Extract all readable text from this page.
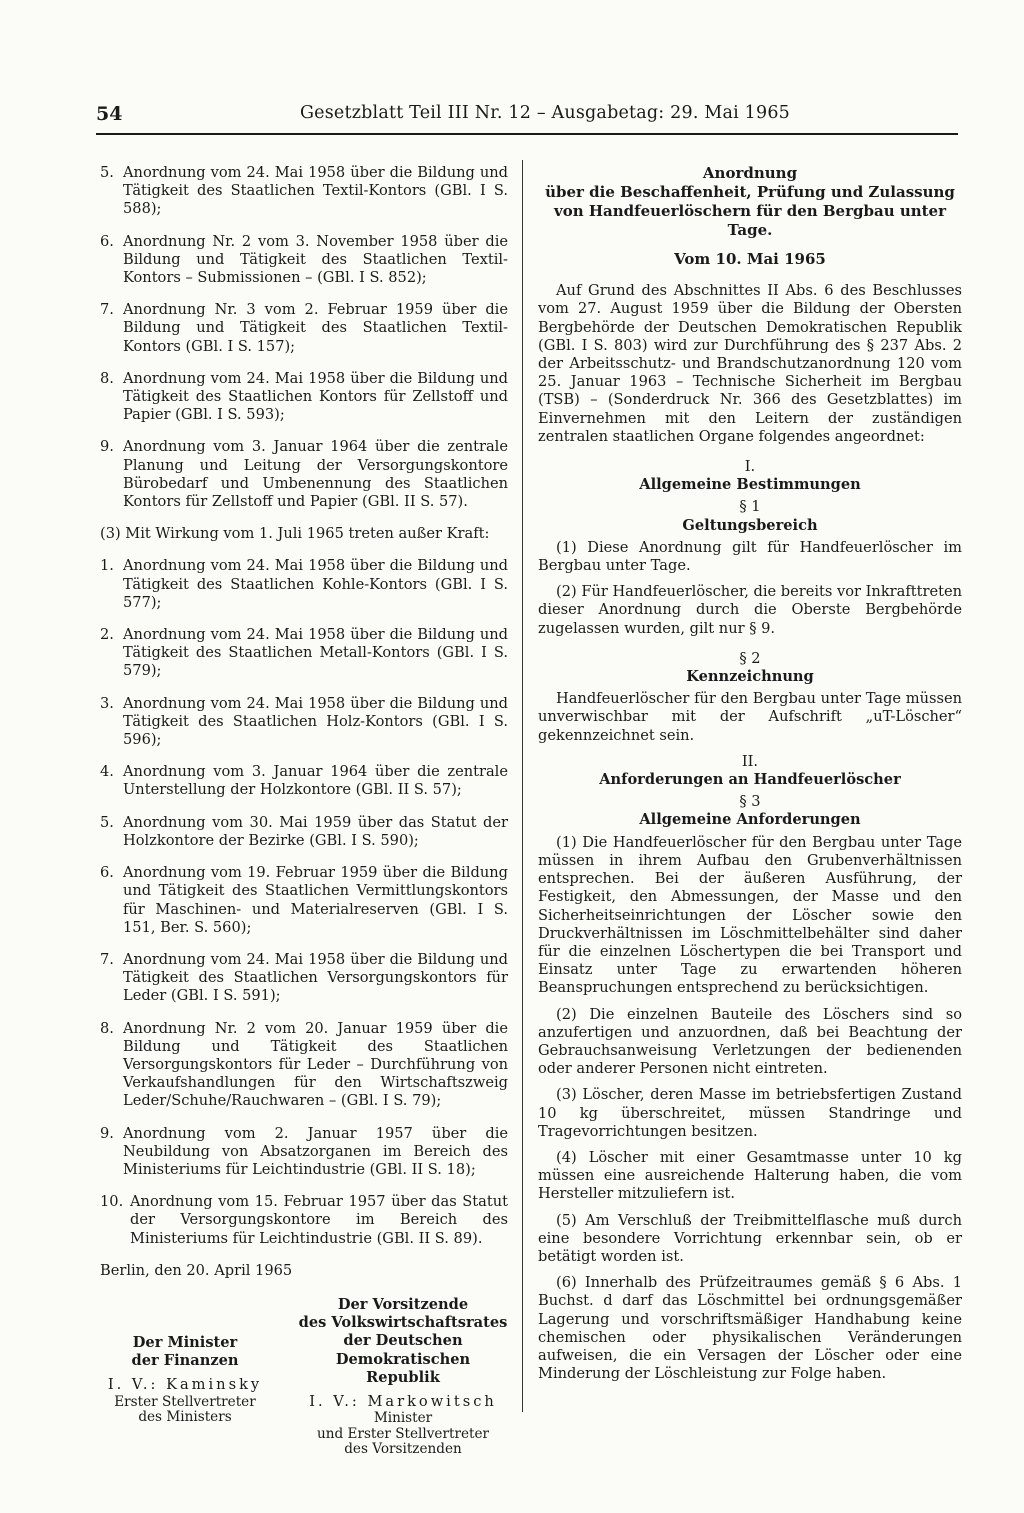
54	Gesetzblatt Teil III Nr. 12 – Ausgabetag: 29. Mai 1965
5. Anordnung vom 24. Mai 1958 über die Bildung und Tätigkeit des Staatlichen Textil-Kontors (GBl. I S. 588);
6. Anordnung Nr. 2 vom 3. November 1958 über die Bildung und Tätigkeit des Staatlichen Textil-Kontors – Submissionen – (GBl. I S. 852);
7. Anordnung Nr. 3 vom 2. Februar 1959 über die Bildung und Tätigkeit des Staatlichen Textil-Kontors (GBl. I S. 157);
8. Anordnung vom 24. Mai 1958 über die Bildung und Tätigkeit des Staatlichen Kontors für Zellstoff und Papier (GBl. I S. 593);
9. Anordnung vom 3. Januar 1964 über die zentrale Planung und Leitung der Versorgungskontore Bürobedarf und Umbenennung des Staatlichen Kontors für Zellstoff und Papier (GBl. II S. 57).
(3) Mit Wirkung vom 1. Juli 1965 treten außer Kraft:
1. Anordnung vom 24. Mai 1958 über die Bildung und Tätigkeit des Staatlichen Kohle-Kontors (GBl. I S. 577);
2. Anordnung vom 24. Mai 1958 über die Bildung und Tätigkeit des Staatlichen Metall-Kontors (GBl. I S. 579);
3. Anordnung vom 24. Mai 1958 über die Bildung und Tätigkeit des Staatlichen Holz-Kontors (GBl. I S. 596);
4. Anordnung vom 3. Januar 1964 über die zentrale Unterstellung der Holzkontore (GBl. II S. 57);
5. Anordnung vom 30. Mai 1959 über das Statut der Holzkontore der Bezirke (GBl. I S. 590);
6. Anordnung vom 19. Februar 1959 über die Bildung und Tätigkeit des Staatlichen Vermittlungskontors für Maschinen- und Materialreserven (GBl. I S. 151, Ber. S. 560);
7. Anordnung vom 24. Mai 1958 über die Bildung und Tätigkeit des Staatlichen Versorgungskontors für Leder (GBl. I S. 591);
8. Anordnung Nr. 2 vom 20. Januar 1959 über die Bildung und Tätigkeit des Staatlichen Versorgungskontors für Leder – Durchführung von Verkaufshandlungen für den Wirtschaftszweig Leder/Schuhe/Rauchwaren – (GBl. I S. 79);
9. Anordnung vom 2. Januar 1957 über die Neubildung von Absatzorganen im Bereich des Ministeriums für Leichtindustrie (GBl. II S. 18);
10. Anordnung vom 15. Februar 1957 über das Statut der Versorgungskontore im Bereich des Ministeriums für Leichtindustrie (GBl. II S. 89).
Berlin, den 20. April 1965
Der Minister
der Finanzen
I. V.: Kaminsky
Erster Stellvertreter
des Ministers
Der Vorsitzende
des Volkswirtschaftsrates
der Deutschen
Demokratischen Republik
I. V.: Markowitsch
Minister
und Erster Stellvertreter
des Vorsitzenden
Anordnung
über die Beschaffenheit, Prüfung und Zulassung
von Handfeuerlöschern für den Bergbau unter Tage.
Vom 10. Mai 1965
Auf Grund des Abschnittes II Abs. 6 des Beschlusses vom 27. August 1959 über die Bildung der Obersten Bergbehörde der Deutschen Demokratischen Republik (GBl. I S. 803) wird zur Durchführung des § 237 Abs. 2 der Arbeitsschutz- und Brandschutzanordnung 120 vom 25. Januar 1963 – Technische Sicherheit im Bergbau (TSB) – (Sonderdruck Nr. 366 des Gesetzblattes) im Einvernehmen mit den Leitern der zuständigen zentralen staatlichen Organe folgendes angeordnet:
I.
Allgemeine Bestimmungen
§ 1
Geltungsbereich
(1) Diese Anordnung gilt für Handfeuerlöscher im Bergbau unter Tage.
(2) Für Handfeuerlöscher, die bereits vor Inkrafttreten dieser Anordnung durch die Oberste Bergbehörde zugelassen wurden, gilt nur § 9.
§ 2
Kennzeichnung
Handfeuerlöscher für den Bergbau unter Tage müssen unverwischbar mit der Aufschrift „uT-Löscher“ gekennzeichnet sein.
II.
Anforderungen an Handfeuerlöscher
§ 3
Allgemeine Anforderungen
(1) Die Handfeuerlöscher für den Bergbau unter Tage müssen in ihrem Aufbau den Grubenverhältnissen entsprechen. Bei der äußeren Ausführung, der Festigkeit, den Abmessungen, der Masse und den Sicherheitseinrichtungen der Löscher sowie den Druckverhältnissen im Löschmittelbehälter sind daher für die einzelnen Löschertypen die bei Transport und Einsatz unter Tage zu erwartenden höheren Beanspruchungen entsprechend zu berücksichtigen.
(2) Die einzelnen Bauteile des Löschers sind so anzufertigen und anzuordnen, daß bei Beachtung der Gebrauchsanweisung Verletzungen der bedienenden oder anderer Personen nicht eintreten.
(3) Löscher, deren Masse im betriebsfertigen Zustand 10 kg überschreitet, müssen Standringe und Tragevorrichtungen besitzen.
(4) Löscher mit einer Gesamtmasse unter 10 kg müssen eine ausreichende Halterung haben, die vom Hersteller mitzuliefern ist.
(5) Am Verschluß der Treibmittelflasche muß durch eine besondere Vorrichtung erkennbar sein, ob er betätigt worden ist.
(6) Innerhalb des Prüfzeitraumes gemäß § 6 Abs. 1 Buchst. d darf das Löschmittel bei ordnungsgemäßer Lagerung und vorschriftsmäßiger Handhabung keine chemischen oder physikalischen Veränderungen aufweisen, die ein Versagen der Löscher oder eine Minderung der Löschleistung zur Folge haben.
